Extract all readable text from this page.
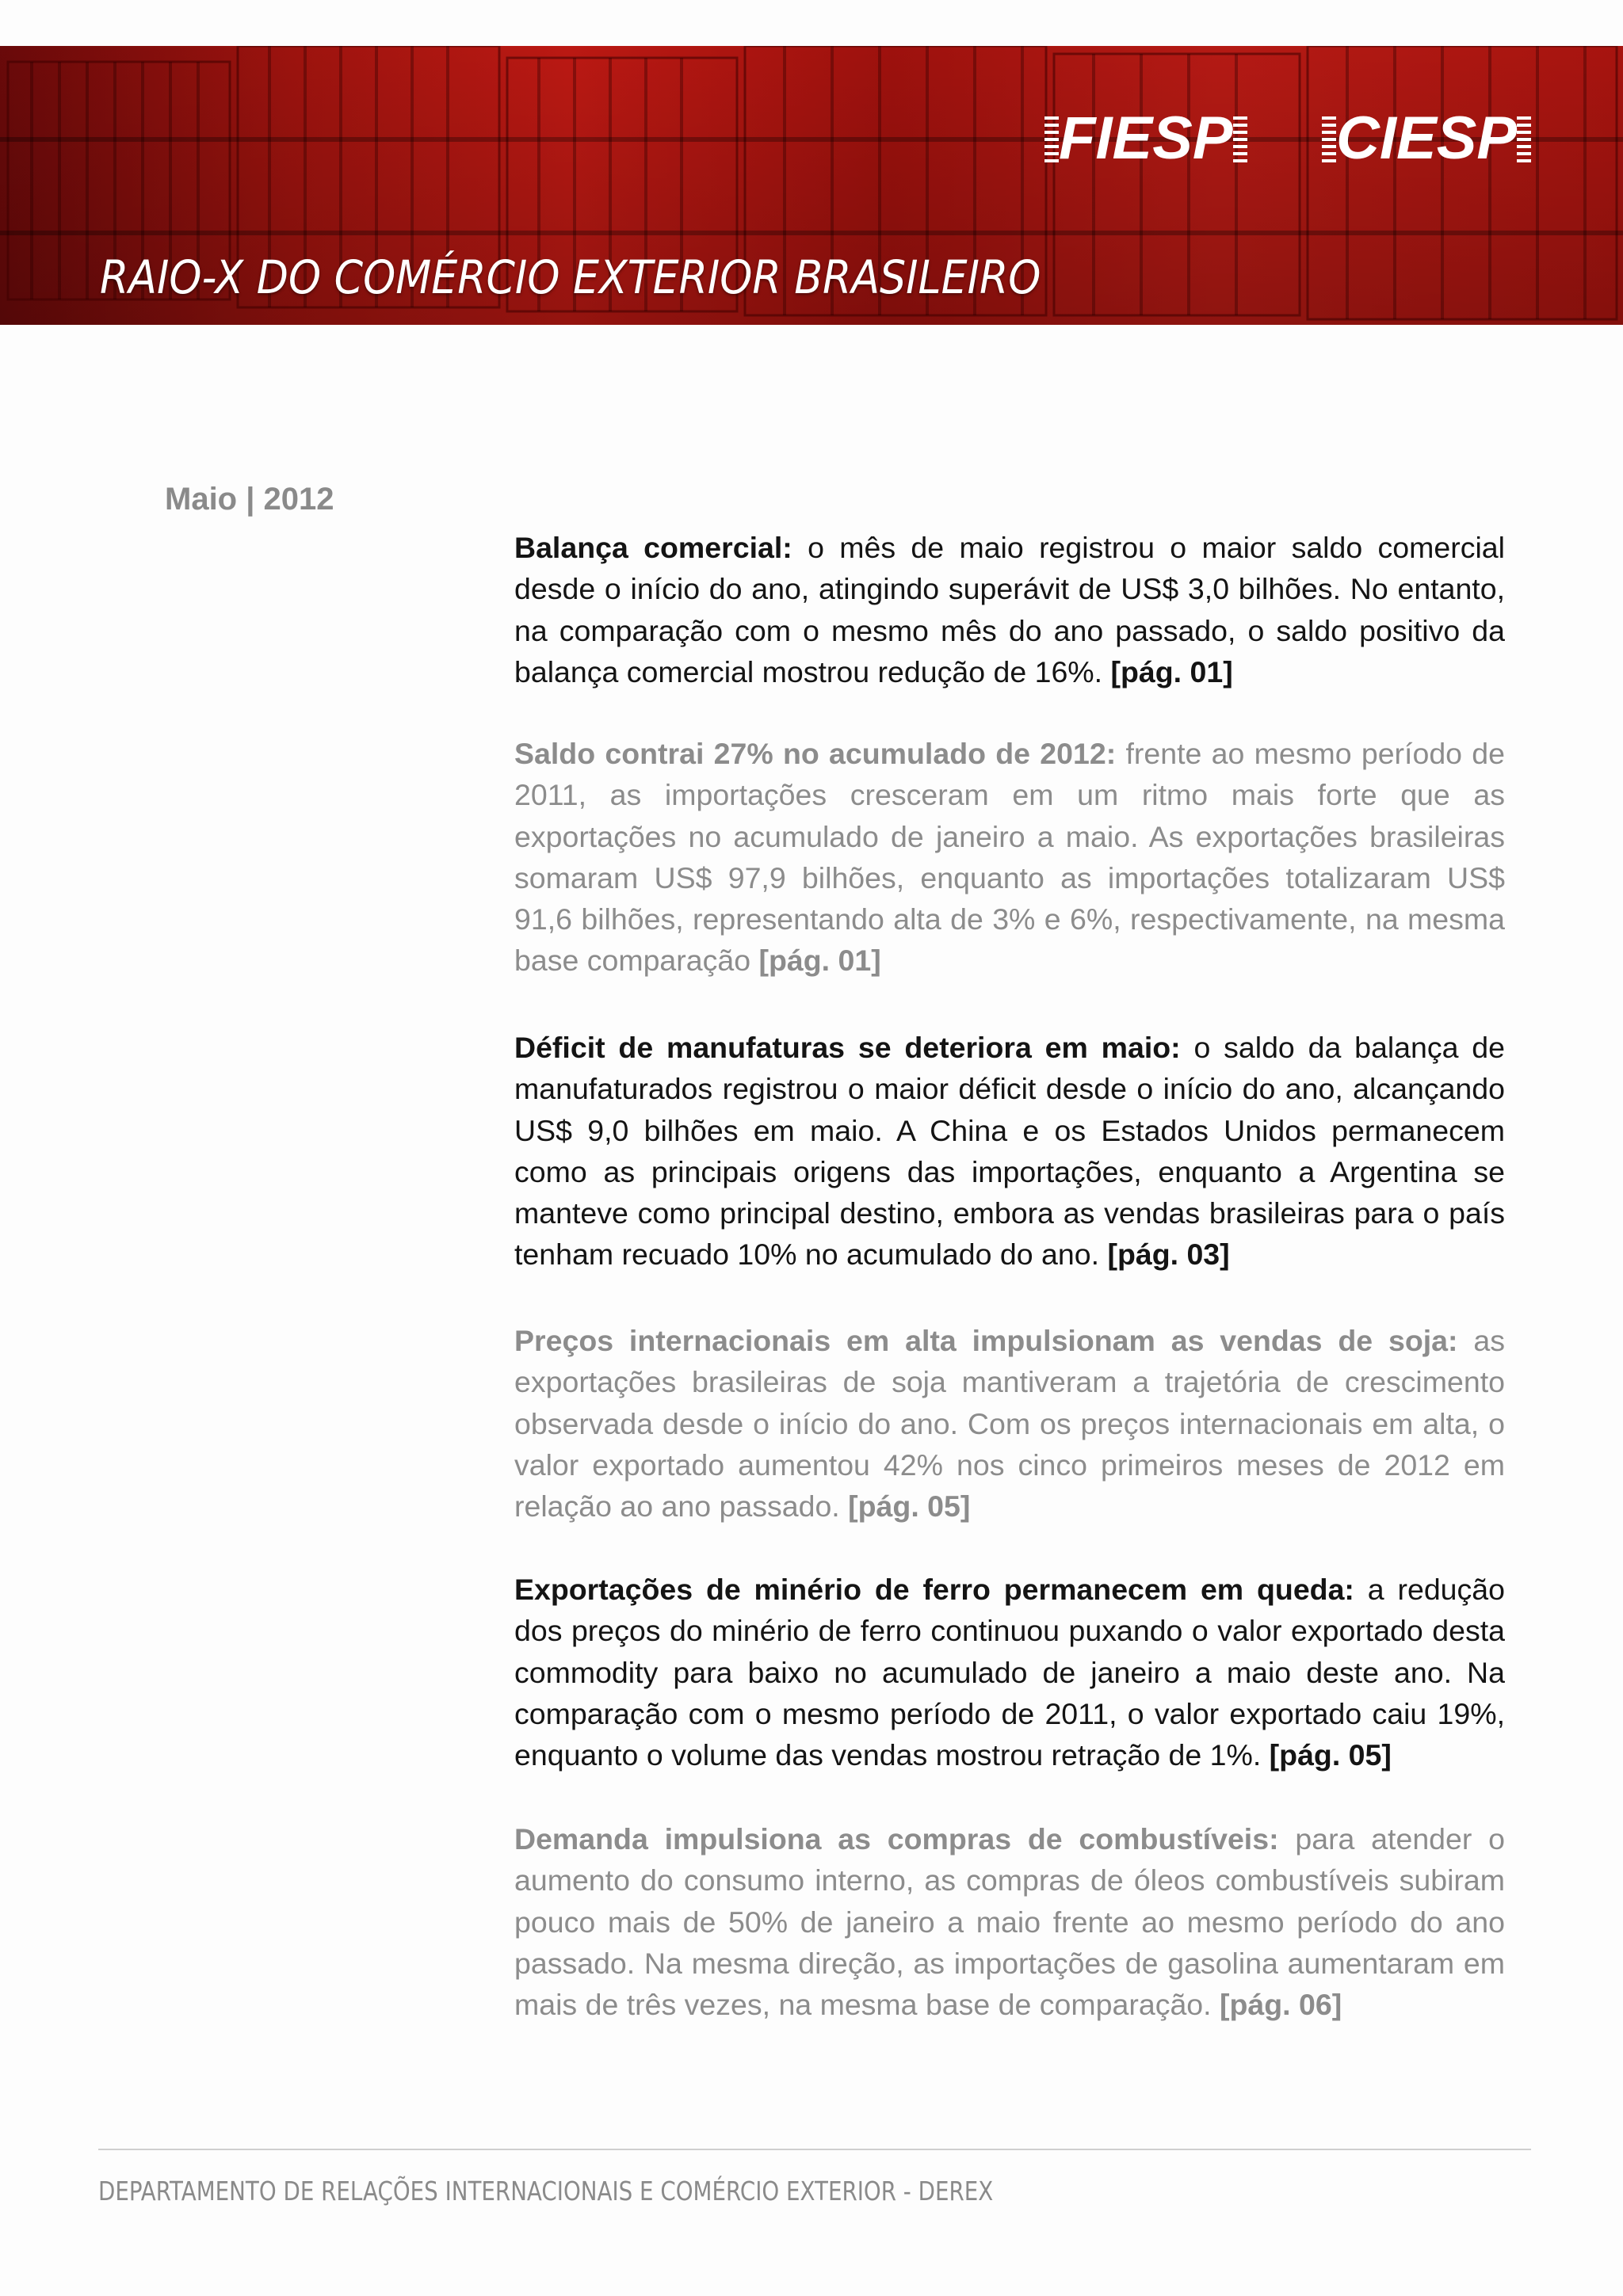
FIESP CIESP
RAIO-X DO COMÉRCIO EXTERIOR BRASILEIRO
Maio | 2012
Balança comercial: o mês de maio registrou o maior saldo comercial desde o início do ano, atingindo superávit de US$ 3,0 bilhões. No entanto, na comparação com o mesmo mês do ano passado, o saldo positivo da balança comercial mostrou redução de 16%. [pág. 01]
Saldo contrai 27% no acumulado de 2012: frente ao mesmo período de 2011, as importações cresceram em um ritmo mais forte que as exportações no acumulado de janeiro a maio. As exportações brasileiras somaram US$ 97,9 bilhões, enquanto as importações totalizaram US$ 91,6 bilhões, representando alta de 3% e 6%, respectivamente, na mesma base comparação [pág. 01]
Déficit de manufaturas se deteriora em maio: o saldo da balança de manufaturados registrou o maior déficit desde o início do ano, alcançando US$ 9,0 bilhões em maio. A China e os Estados Unidos permanecem como as principais origens das importações, enquanto a Argentina se manteve como principal destino, embora as vendas brasileiras para o país tenham recuado 10% no acumulado do ano. [pág. 03]
Preços internacionais em alta impulsionam as vendas de soja: as exportações brasileiras de soja mantiveram a trajetória de crescimento observada desde o início do ano. Com os preços internacionais em alta, o valor exportado aumentou 42% nos cinco primeiros meses de 2012 em relação ao ano passado. [pág. 05]
Exportações de minério de ferro permanecem em queda: a redução dos preços do minério de ferro continuou puxando o valor exportado desta commodity para baixo no acumulado de janeiro a maio deste ano. Na comparação com o mesmo período de 2011, o valor exportado caiu 19%, enquanto o volume das vendas mostrou retração de 1%. [pág. 05]
Demanda impulsiona as compras de combustíveis: para atender o aumento do consumo interno, as compras de óleos combustíveis subiram pouco mais de 50% de janeiro a maio frente ao mesmo período do ano passado. Na mesma direção, as importações de gasolina aumentaram em mais de três vezes, na mesma base de comparação. [pág. 06]
DEPARTAMENTO DE RELAÇÕES INTERNACIONAIS E COMÉRCIO EXTERIOR - DEREX
